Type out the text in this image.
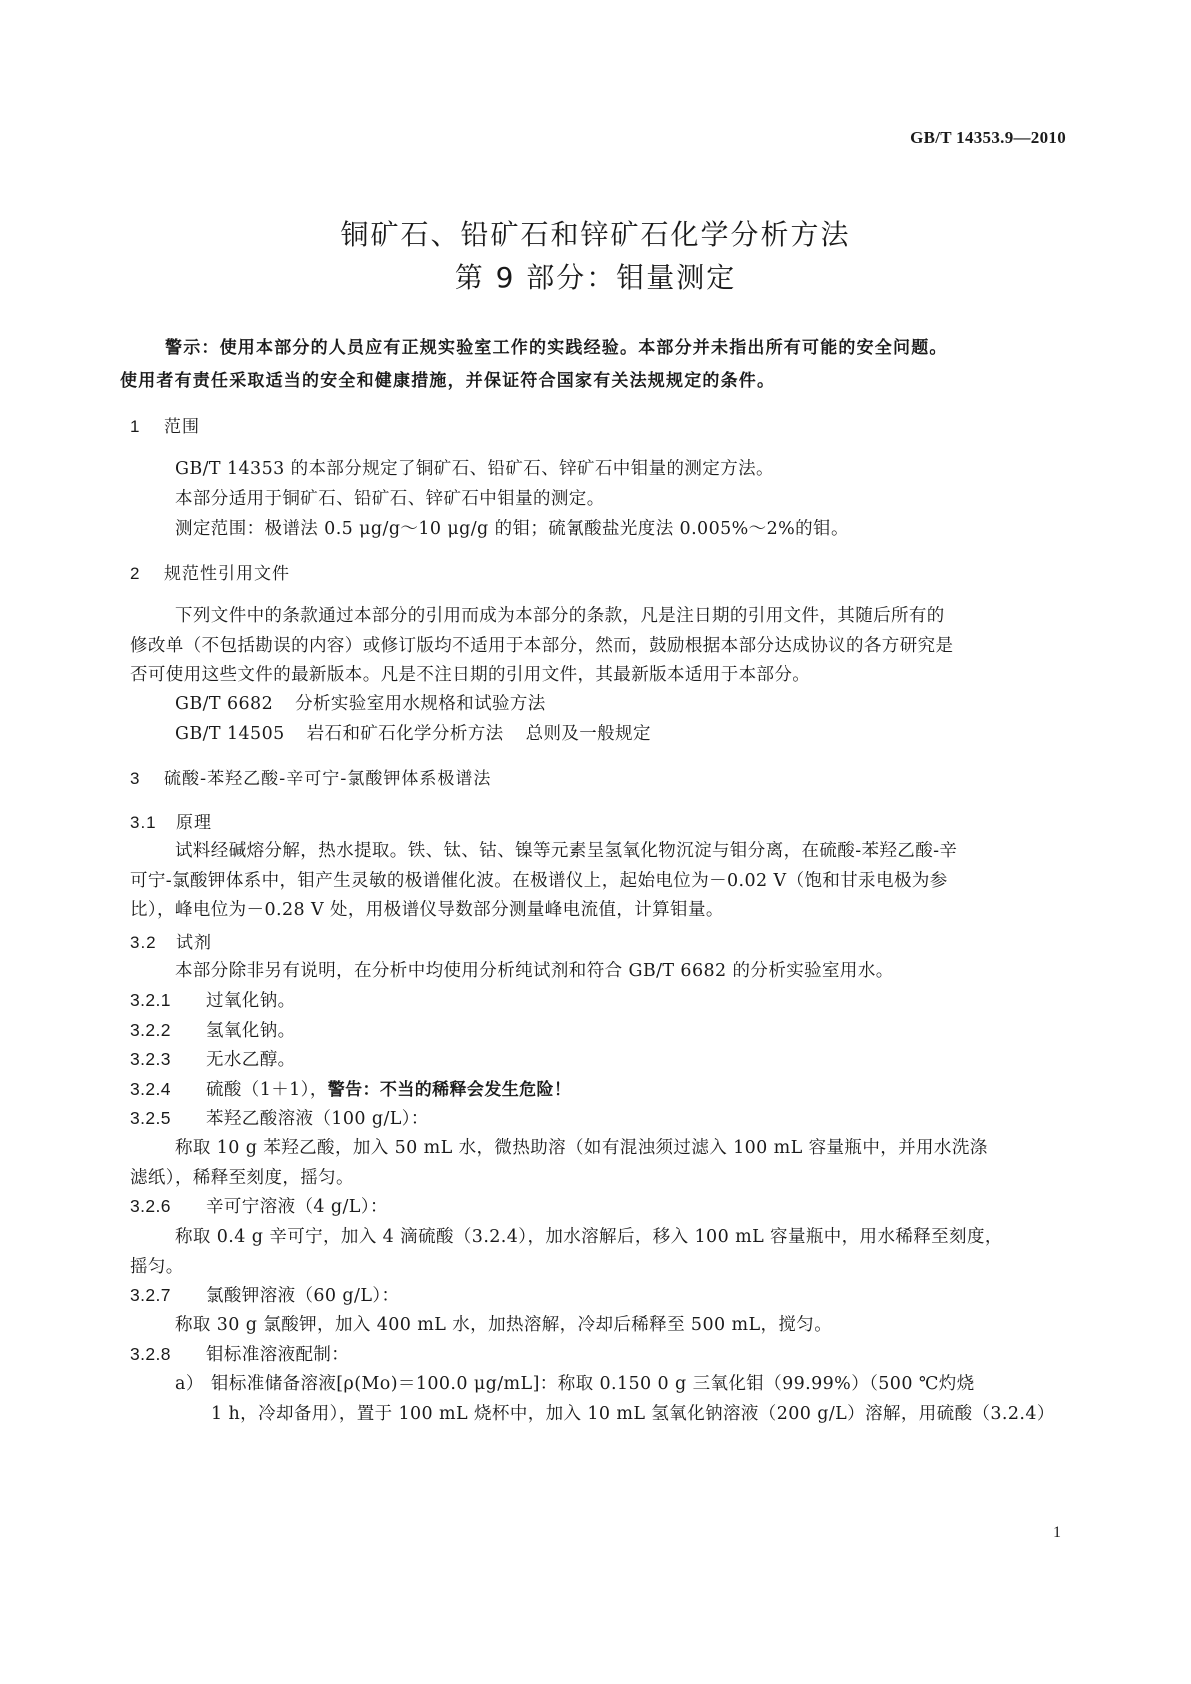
GB/T 14353.9—2010
铜矿石、铅矿石和锌矿石化学分析方法
第 9 部分：钼量测定
警示：使用本部分的人员应有正规实验室工作的实践经验。本部分并未指出所有可能的安全问题。
使用者有责任采取适当的安全和健康措施，并保证符合国家有关法规规定的条件。
1 范围
GB/T 14353 的本部分规定了铜矿石、铅矿石、锌矿石中钼量的测定方法。
本部分适用于铜矿石、铅矿石、锌矿石中钼量的测定。
测定范围：极谱法 0.5 μg/g～10 μg/g 的钼；硫氰酸盐光度法 0.005%～2%的钼。
2 规范性引用文件
下列文件中的条款通过本部分的引用而成为本部分的条款，凡是注日期的引用文件，其随后所有的
修改单（不包括勘误的内容）或修订版均不适用于本部分，然而，鼓励根据本部分达成协议的各方研究是
否可使用这些文件的最新版本。凡是不注日期的引用文件，其最新版本适用于本部分。
GB/T 6682 分析实验室用水规格和试验方法
GB/T 14505 岩石和矿石化学分析方法 总则及一般规定
3 硫酸-苯羟乙酸-辛可宁-氯酸钾体系极谱法
3.1 原理
试料经碱熔分解，热水提取。铁、钛、钴、镍等元素呈氢氧化物沉淀与钼分离，在硫酸-苯羟乙酸-辛
可宁-氯酸钾体系中，钼产生灵敏的极谱催化波。在极谱仪上，起始电位为－0.02 V（饱和甘汞电极为参
比），峰电位为－0.28 V 处，用极谱仪导数部分测量峰电流值，计算钼量。
3.2 试剂
本部分除非另有说明，在分析中均使用分析纯试剂和符合 GB/T 6682 的分析实验室用水。
3.2.1 过氧化钠。
3.2.2 氢氧化钠。
3.2.3 无水乙醇。
3.2.4 硫酸（1＋1），警告：不当的稀释会发生危险！
3.2.5 苯羟乙酸溶液（100 g/L）：
称取 10 g 苯羟乙酸，加入 50 mL 水，微热助溶（如有混浊须过滤入 100 mL 容量瓶中，并用水洗涤
滤纸），稀释至刻度，摇匀。
3.2.6 辛可宁溶液（4 g/L）：
称取 0.4 g 辛可宁，加入 4 滴硫酸（3.2.4），加水溶解后，移入 100 mL 容量瓶中，用水稀释至刻度，
摇匀。
3.2.7 氯酸钾溶液（60 g/L）：
称取 30 g 氯酸钾，加入 400 mL 水，加热溶解，冷却后稀释至 500 mL，搅匀。
3.2.8 钼标准溶液配制：
a） 钼标准储备溶液[ρ(Mo)＝100.0 μg/mL]：称取 0.150 0 g 三氧化钼（99.99%）（500 ℃灼烧
1 h，冷却备用），置于 100 mL 烧杯中，加入 10 mL 氢氧化钠溶液（200 g/L）溶解，用硫酸（3.2.4）
1
